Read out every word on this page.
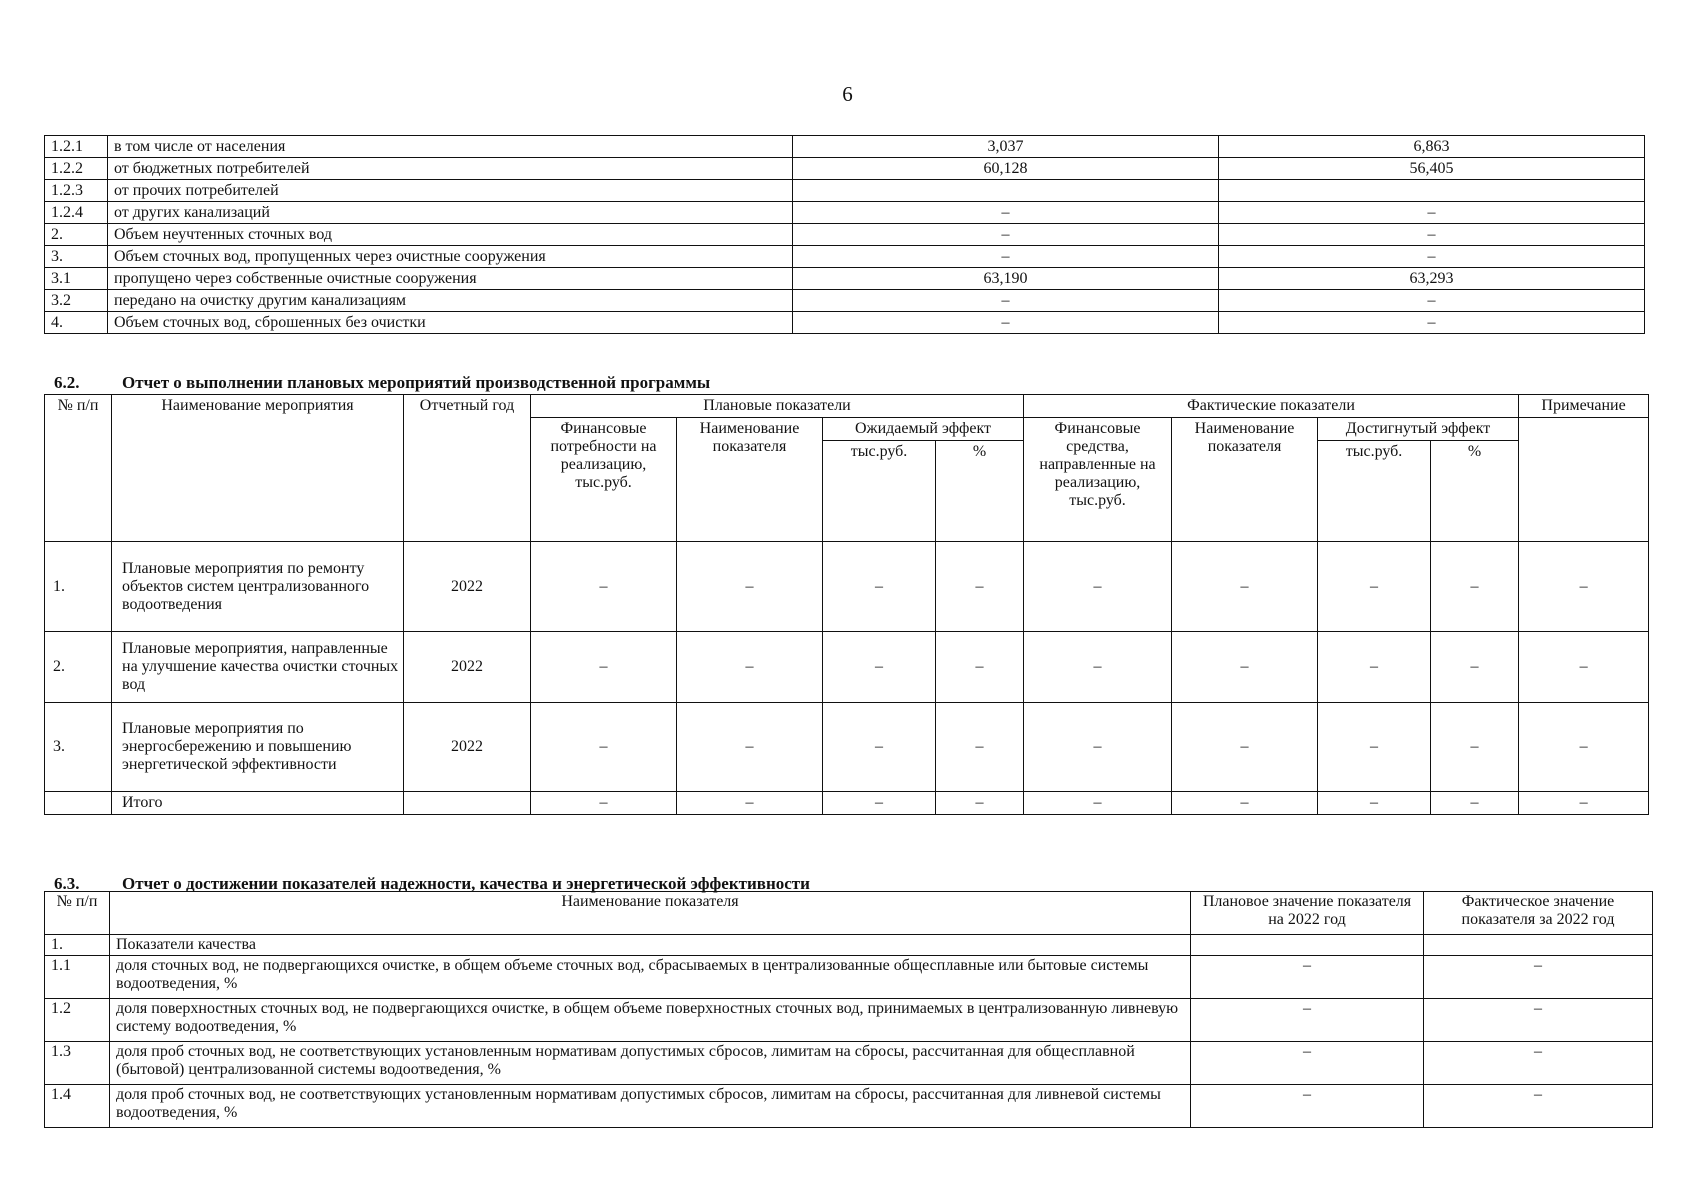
6
1.2.1	в том числе от населения	3,037	6,863
1.2.2	от бюджетных потребителей	60,128	56,405
1.2.3	от прочих потребителей		
1.2.4	от других канализаций	–	–
2.	Объем неучтенных сточных вод	–	–
3.	Объем сточных вод, пропущенных через очистные сооружения	–	–
3.1	пропущено через собственные очистные сооружения	63,190	63,293
3.2	передано на очистку другим канализациям	–	–
4.	Объем сточных вод, сброшенных без очистки	–	–
6.2.	Отчет о выполнении плановых мероприятий производственной программы
№ п/п	Наименование мероприятия	Отчетный год	Плановые показатели				Фактические показатели				Примечание
			Финансовые потребности на реализацию, тыс.руб.	Наименование показателя	Ожидаемый эффект		Финансовые средства, направленные на реализацию, тыс.руб.	Наименование показателя	Достигнутый эффект		
					тыс.руб.	%			тыс.руб.	%	
1.	Плановые мероприятия по ремонту объектов систем централизованного водоотведения	2022	–	–	–	–	–	–	–	–	–
2.	Плановые мероприятия, направленные на улучшение качества очистки сточных вод	2022	–	–	–	–	–	–	–	–	–
3.	Плановые мероприятия по энергосбережению и повышению энергетической эффективности	2022	–	–	–	–	–	–	–	–	–
	Итого		–	–	–	–	–	–	–	–	–
6.3.	Отчет о достижении показателей надежности, качества и энергетической эффективности
№ п/п	Наименование показателя	Плановое значение показателя на 2022 год	Фактическое значение показателя за 2022 год
1.	Показатели качества		
1.1	доля сточных вод, не подвергающихся очистке, в общем объеме сточных вод, сбрасываемых в централизованные общесплавные или бытовые системы водоотведения, %	–	–
1.2	доля поверхностных сточных вод, не подвергающихся очистке, в общем объеме поверхностных сточных вод, принимаемых в централизованную ливневую систему водоотведения, %	–	–
1.3	доля проб сточных вод, не соответствующих установленным нормативам допустимых сбросов, лимитам на сбросы, рассчитанная для общесплавной (бытовой) централизованной системы водоотведения, %	–	–
1.4	доля проб сточных вод, не соответствующих установленным нормативам допустимых сбросов, лимитам на сбросы, рассчитанная для ливневой системы водоотведения, %	–	–
